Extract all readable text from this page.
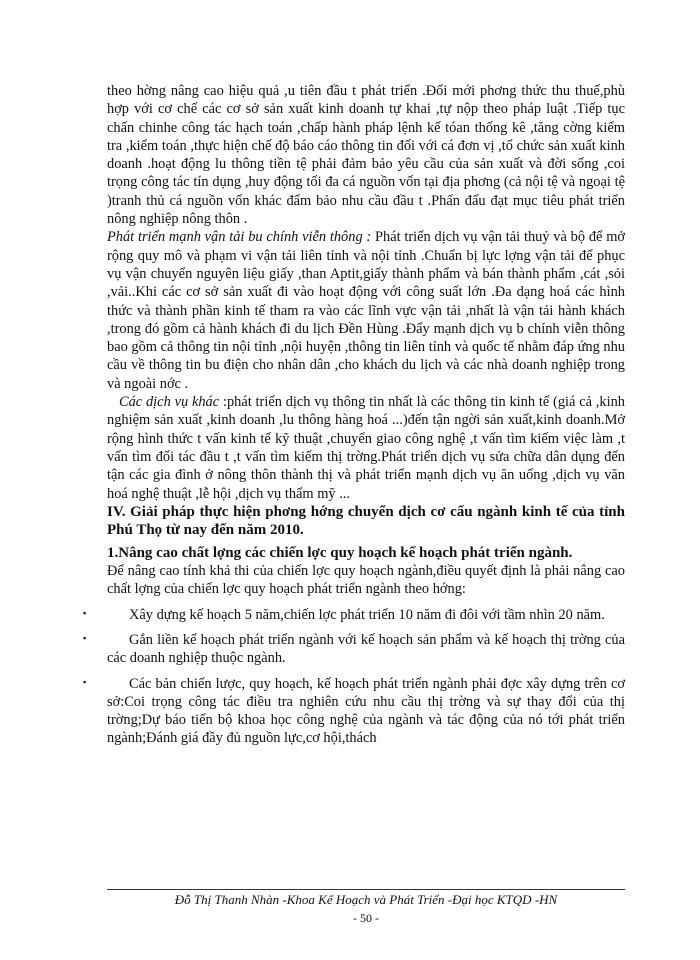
theo hờng nâng cao hiệu quả ,u tiên đầu t phát triển .Đổi mới phơng thức thu thuế,phù hợp với cơ chế các cơ sở sản xuất kinh doanh tự khai ,tự nộp theo pháp luật .Tiếp tục chấn chinhe công tác hạch toán ,chấp hành pháp lệnh kế tóan thống kê ,tăng cờng kiểm tra ,kiểm toán ,thực hiện chế độ báo cáo thông tin đối với cá đơn vị ,tổ chức sản xuất kinh doanh .hoạt động lu thông tiền tệ phải đảm bảo yêu cầu của sản xuất và đời sống ,coi trọng công tác tín dụng ,huy động tối đa cá nguồn vốn tại địa phơng (cả nội tệ và ngoại tệ )tranh thủ cá nguồn vốn khác đẩm bảo nhu cầu đầu t .Phấn đấu đạt mục tiêu phát triển nông nghiệp nông thôn .

Phát triển mạnh vận tải bu chính viễn thông : Phát triển dịch vụ vận tải thuỷ và bộ để mở rộng quy mô và phạm vi vận tải liên tỉnh và nội tỉnh .Chuẩn bị lực lợng vận tải để phục vụ vận chuyển nguyên liệu giấy ,than Aptit,giấy thành phẩm và bán thành phẩm ,cát ,sỏi ,vải..Khi các cơ sở sản xuất đi vào hoạt động với công suất lớn .Đa dạng hoá các hình thức và thành phần kinh tế tham ra vào các lĩnh vực vận tải ,nhất là vận tải hành khách ,trong đó gồm cả hành khách đi du lịch Đền Hùng .Đẩy mạnh dịch vụ b chính viễn thông bao gồm cả thông tin nội tỉnh ,nội huyện ,thông tin liên tỉnh và quốc tế nhằm đáp ứng nhu cầu về thông tin bu điện cho nhân dân ,cho khách du lịch và các nhà doanh nghiệp trong và ngoài nớc .

Các dịch vụ khác :phát triển dịch vụ thông tin nhất là các thông tin kinh tế (giá cả ,kinh nghiệm sản xuất ,kinh doanh ,lu thông hàng hoá ...)đến tận ngời sản xuất,kinh doanh.Mở rộng hình thức t vấn kinh tế kỹ thuật ,chuyển giao công nghệ ,t vấn tìm kiếm việc làm ,t vấn tìm đối tác đầu t ,t vấn tìm kiếm thị trờng.Phát triển dịch vụ sửa chữa dân dụng đến tận các gia đình ở nông thôn thành thị và phát triển mạnh dịch vụ ăn uống ,dịch vụ văn hoá nghệ thuật ,lễ hội ,dịch vụ thẩm mỹ ...

IV. Giải pháp thực hiện phơng hớng chuyển dịch cơ cấu ngành kinh tế của tỉnh Phú Thọ từ nay đến năm 2010.

1.Nâng cao chất lợng các chiến lợc quy hoạch kế hoạch phát triển ngành.

Để nâng cao tính khả thi của chiến lợc quy hoạch ngành,điều quyết định là phải nâng cao chất lợng của chiến lợc quy hoạch phát triển ngành theo hớng:

▪	Xây dựng kế hoạch 5 năm,chiến lợc phát triển 10 năm đi đôi với tầm nhìn 20 năm.

▪	Gắn liền kế hoạch phát triển ngành với kế hoạch sản phẩm và kế hoạch thị trờng của các doanh nghiệp thuộc ngành.

▪	Các bản chiến lược, quy hoạch, kế hoạch phát triển ngành phải đợc xây dựng trên cơ sở:Coi trọng công tác điều tra nghiên cứu nhu cầu thị trờng và sự thay đổi của thị trờng;Dự báo tiến bộ khoa học công nghệ của ngành và tác động của nó tới phát triển ngành;Đánh giá đầy đủ nguồn lực,cơ hội,thách

Đỗ Thị Thanh Nhàn -Khoa Kế Hoạch và Phát Triển -Đại học KTQD -HN
- 50 -
